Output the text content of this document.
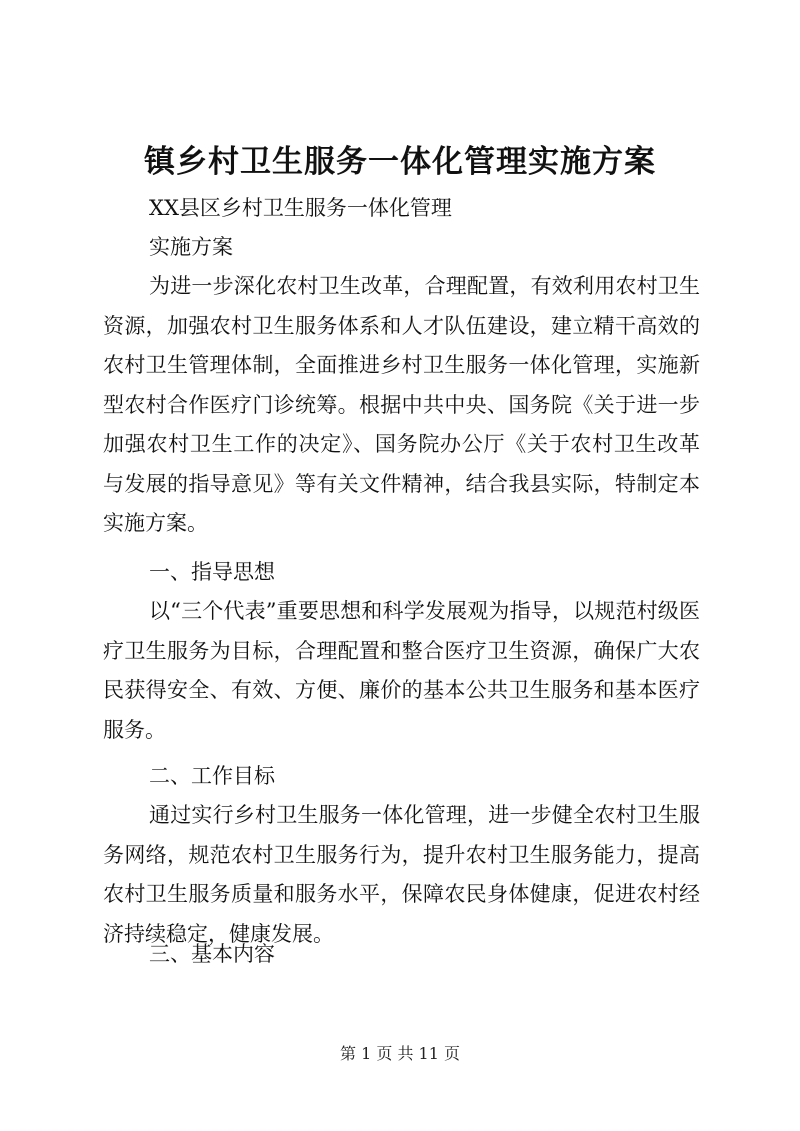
镇乡村卫生服务一体化管理实施方案

XX县区乡村卫生服务一体化管理

实施方案

为进一步深化农村卫生改革，合理配置，有效利用农村卫生资源，加强农村卫生服务体系和人才队伍建设，建立精干高效的农村卫生管理体制，全面推进乡村卫生服务一体化管理，实施新型农村合作医疗门诊统筹。根据中共中央、国务院《关于进一步加强农村卫生工作的决定》、国务院办公厅《关于农村卫生改革与发展的指导意见》等有关文件精神，结合我县实际，特制定本实施方案。

一、指导思想

以“三个代表”重要思想和科学发展观为指导，以规范村级医疗卫生服务为目标，合理配置和整合医疗卫生资源，确保广大农民获得安全、有效、方便、廉价的基本公共卫生服务和基本医疗服务。

二、工作目标

通过实行乡村卫生服务一体化管理，进一步健全农村卫生服务网络，规范农村卫生服务行为，提升农村卫生服务能力，提高农村卫生服务质量和服务水平，保障农民身体健康，促进农村经济持续稳定，健康发展。

三、基本内容

第 1 页 共 11 页
